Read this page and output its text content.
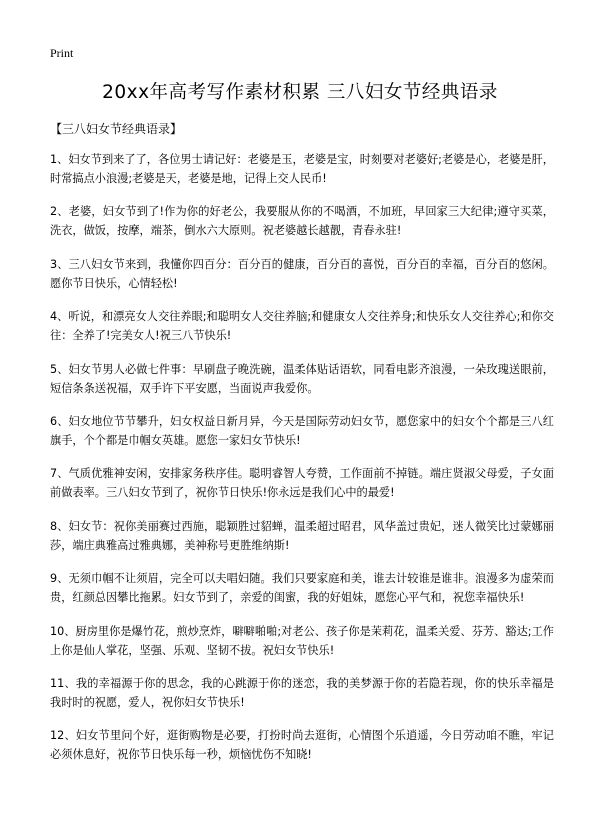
Print
20xx年高考写作素材积累 三八妇女节经典语录
【三八妇女节经典语录】
1、妇女节到来了了，各位男士请记好：老婆是玉，老婆是宝，时刻要对老婆好;老婆是心，老婆是肝，时常搞点小浪漫;老婆是天，老婆是地，记得上交人民币!
2、老婆，妇女节到了!作为你的好老公，我要服从你的不喝酒，不加班，早回家三大纪律;遵守买菜，洗衣，做饭，按摩，端茶，倒水六大原则。祝老婆越长越靓，青春永驻!
3、三八妇女节来到，我懂你四百分：百分百的健康，百分百的喜悦，百分百的幸福，百分百的悠闲。愿你节日快乐，心情轻松!
4、听说，和漂亮女人交往养眼;和聪明女人交往养脑;和健康女人交往养身;和快乐女人交往养心;和你交往：全养了!完美女人!祝三八节快乐!
5、妇女节男人必做七件事：早刷盘子晚洗碗，温柔体贴话语软，同看电影齐浪漫，一朵玫瑰送眼前，短信条条送祝福，双手许下平安愿，当面说声我爱你。
6、妇女地位节节攀升，妇女权益日新月异，今天是国际劳动妇女节，愿您家中的妇女个个都是三八红旗手，个个都是巾帼女英雄。愿您一家妇女节快乐!
7、气质优雅神安闲，安排家务秩序佳。聪明睿智人夸赞，工作面前不掉链。端庄贤淑父母爱，子女面前做表率。三八妇女节到了，祝你节日快乐!你永远是我们心中的最爱!
8、妇女节：祝你美丽赛过西施，聪颖胜过貂蝉，温柔超过昭君，风华盖过贵妃，迷人微笑比过蒙娜丽莎，端庄典雅高过雅典娜，美神称号更胜维纳斯!
9、无须巾帼不让须眉，完全可以夫唱妇随。我们只要家庭和美，谁去计较谁是谁非。浪漫多为虚荣而贵，红颜总因攀比拖累。妇女节到了，亲爱的闺蜜，我的好姐妹，愿您心平气和，祝您幸福快乐!
10、厨房里你是爆竹花，煎炒烹炸，噼噼啪啪;对老公、孩子你是茉莉花，温柔关爱、芬芳、豁达;工作上你是仙人掌花，坚强、乐观、坚韧不拔。祝妇女节快乐!
11、我的幸福源于你的思念，我的心跳源于你的迷恋，我的美梦源于你的若隐若现，你的快乐幸福是我时时的祝愿，爱人，祝你妇女节快乐!
12、妇女节里问个好，逛街购物是必要，打扮时尚去逛街，心情图个乐逍遥，今日劳动咱不瞧，牢记必须休息好，祝你节日快乐每一秒，烦恼忧伤不知晓!
